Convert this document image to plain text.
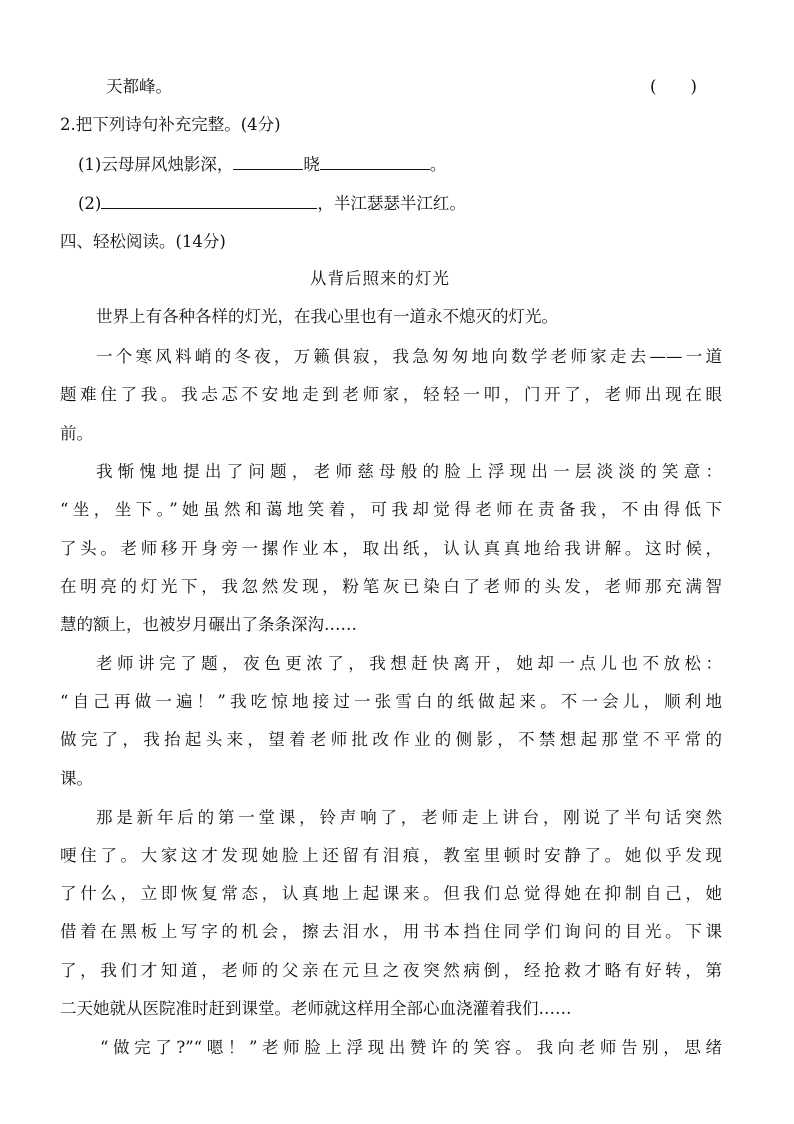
天都峰。	( )
2.把下列诗句补充完整。(4分)
(1)云母屏风烛影深，	晓	。
(2)	，半江瑟瑟半江红。
四、轻松阅读。(14分)
从背后照来的灯光
世界上有各种各样的灯光，在我心里也有一道永不熄灭的灯光。
一个寒风料峭的冬夜，万籁俱寂，我急匆匆地向数学老师家走去——一道
题难住了我。我忐忑不安地走到老师家，轻轻一叩，门开了，老师出现在眼
前。
我惭愧地提出了问题，老师慈母般的脸上浮现出一层淡淡的笑意：
“坐，坐下。”她虽然和蔼地笑着，可我却觉得老师在责备我，不由得低下
了头。老师移开身旁一摞作业本，取出纸，认认真真地给我讲解。这时候，
在明亮的灯光下，我忽然发现，粉笔灰已染白了老师的头发，老师那充满智
慧的额上，也被岁月碾出了条条深沟……
老师讲完了题，夜色更浓了，我想赶快离开，她却一点儿也不放松：
“自己再做一遍！”我吃惊地接过一张雪白的纸做起来。不一会儿，顺利地
做完了，我抬起头来，望着老师批改作业的侧影，不禁想起那堂不平常的
课。
那是新年后的第一堂课，铃声响了，老师走上讲台，刚说了半句话突然
哽住了。大家这才发现她脸上还留有泪痕，教室里顿时安静了。她似乎发现
了什么，立即恢复常态，认真地上起课来。但我们总觉得她在抑制自己，她
借着在黑板上写字的机会，擦去泪水，用书本挡住同学们询问的目光。下课
了，我们才知道，老师的父亲在元旦之夜突然病倒，经抢救才略有好转，第
二天她就从医院准时赶到课堂。老师就这样用全部心血浇灌着我们……
“做完了?”“嗯！”老师脸上浮现出赞许的笑容。我向老师告别，思绪
